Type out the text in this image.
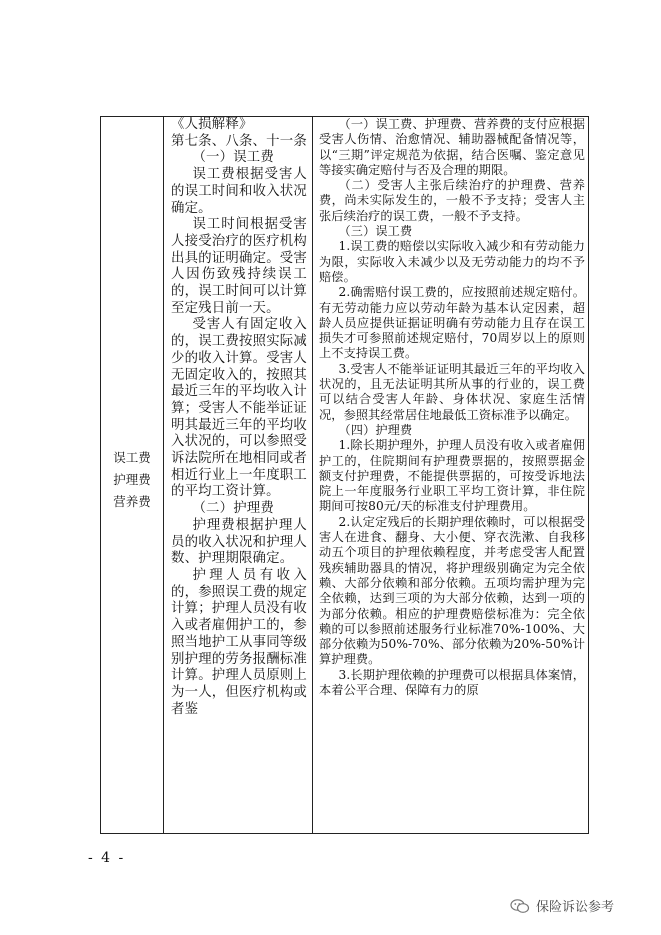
误工费
护理费
营养费

《人损解释》

第七条、八条、十一条

（一）误工费

误工费根据受害人的误工时间和收入状况确定。

误工时间根据受害人接受治疗的医疗机构出具的证明确定。受害人因伤致残持续误工的，误工时间可以计算至定残日前一天。

受害人有固定收入的，误工费按照实际减少的收入计算。受害人无固定收入的，按照其最近三年的平均收入计算；受害人不能举证证明其最近三年的平均收入状况的，可以参照受诉法院所在地相同或者相近行业上一年度职工的平均工资计算。

（二）护理费

护理费根据护理人员的收入状况和护理人数、护理期限确定。

护理人员有收入的，参照误工费的规定计算；护理人员没有收入或者雇佣护工的，参照当地护工从事同等级别护理的劳务报酬标准计算。护理人员原则上为一人，但医疗机构或者鉴

（一）误工费、护理费、营养费的支付应根据受害人伤情、治愈情况、辅助器械配备情况等，以“三期”评定规范为依据，结合医嘱、鉴定意见等接实确定赔付与否及合理的期限。

（二）受害人主张后续治疗的护理费、营养费，尚未实际发生的，一般不予支持；受害人主张后续治疗的误工费，一般不予支持。

（三）误工费

1.误工费的赔偿以实际收入减少和有劳动能力为限，实际收入未减少以及无劳动能力的均不予赔偿。

2.确需赔付误工费的，应按照前述规定赔付。有无劳动能力应以劳动年龄为基本认定因素，超龄人员应提供证据证明确有劳动能力且存在误工损失才可参照前述规定赔付，70周岁以上的原则上不支持误工费。

3.受害人不能举证证明其最近三年的平均收入状况的，且无法证明其所从事的行业的，误工费可以结合受害人年龄、身体状况、家庭生活情况，参照其经常居住地最低工资标准予以确定。

（四）护理费

1.除长期护理外，护理人员没有收入或者雇佣护工的，住院期间有护理费票据的，按照票据金额支付护理费，不能提供票据的，可按受诉地法院上一年度服务行业职工平均工资计算，非住院期间可按80元/天的标准支付护理费用。

2.认定定残后的长期护理依赖时，可以根据受害人在进食、翻身、大小便、穿衣洗漱、自我移动五个项目的护理依赖程度，并考虑受害人配置残疾辅助器具的情况，将护理级别确定为完全依赖、大部分依赖和部分依赖。五项均需护理为完全依赖，达到三项的为大部分依赖，达到一项的为部分依赖。相应的护理费赔偿标准为：完全依赖的可以参照前述服务行业标准70%-100%、大部分依赖为50%-70%、部分依赖为20%-50%计算护理费。

3.长期护理依赖的护理费可以根据具体案情，本着公平合理、保障有力的原

- 4 -
保险诉讼参考
